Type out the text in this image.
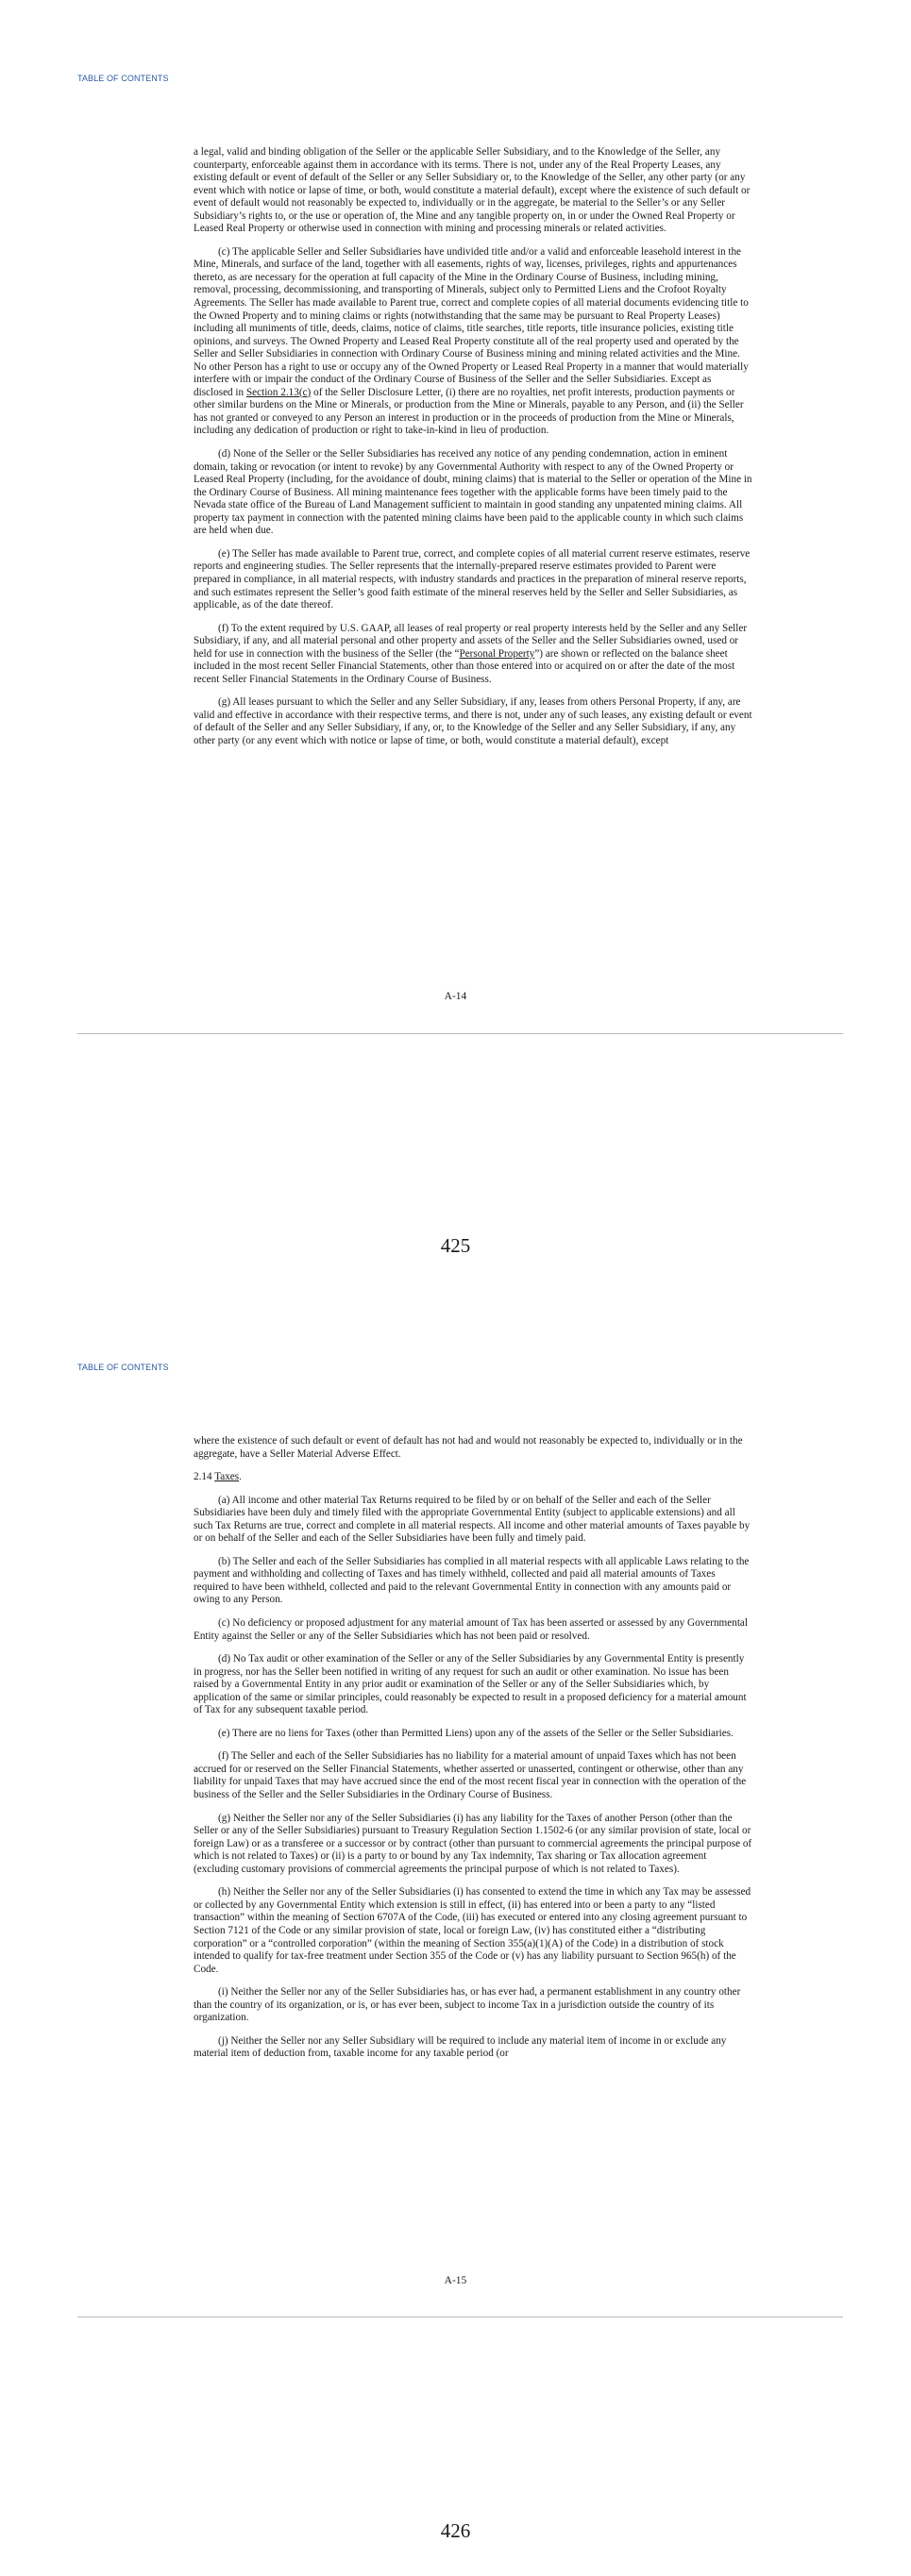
TABLE OF CONTENTS

a legal, valid and binding obligation of the Seller or the applicable Seller Subsidiary, and to the Knowledge of the Seller, any counterparty, enforceable against them in accordance with its terms. There is not, under any of the Real Property Leases, any existing default or event of default of the Seller or any Seller Subsidiary or, to the Knowledge of the Seller, any other party (or any event which with notice or lapse of time, or both, would constitute a material default), except where the existence of such default or event of default would not reasonably be expected to, individually or in the aggregate, be material to the Seller’s or any Seller Subsidiary’s rights to, or the use or operation of, the Mine and any tangible property on, in or under the Owned Real Property or Leased Real Property or otherwise used in connection with mining and processing minerals or related activities.

(c) The applicable Seller and Seller Subsidiaries have undivided title and/or a valid and enforceable leasehold interest in the Mine, Minerals, and surface of the land, together with all easements, rights of way, licenses, privileges, rights and appurtenances thereto, as are necessary for the operation at full capacity of the Mine in the Ordinary Course of Business, including mining, removal, processing, decommissioning, and transporting of Minerals, subject only to Permitted Liens and the Crofoot Royalty Agreements. The Seller has made available to Parent true, correct and complete copies of all material documents evidencing title to the Owned Property and to mining claims or rights (notwithstanding that the same may be pursuant to Real Property Leases) including all muniments of title, deeds, claims, notice of claims, title searches, title reports, title insurance policies, existing title opinions, and surveys. The Owned Property and Leased Real Property constitute all of the real property used and operated by the Seller and Seller Subsidiaries in connection with Ordinary Course of Business mining and mining related activities and the Mine. No other Person has a right to use or occupy any of the Owned Property or Leased Real Property in a manner that would materially interfere with or impair the conduct of the Ordinary Course of Business of the Seller and the Seller Subsidiaries. Except as disclosed in Section 2.13(c) of the Seller Disclosure Letter, (i) there are no royalties, net profit interests, production payments or other similar burdens on the Mine or Minerals, or production from the Mine or Minerals, payable to any Person, and (ii) the Seller has not granted or conveyed to any Person an interest in production or in the proceeds of production from the Mine or Minerals, including any dedication of production or right to take-in-kind in lieu of production.

(d) None of the Seller or the Seller Subsidiaries has received any notice of any pending condemnation, action in eminent domain, taking or revocation (or intent to revoke) by any Governmental Authority with respect to any of the Owned Property or Leased Real Property (including, for the avoidance of doubt, mining claims) that is material to the Seller or operation of the Mine in the Ordinary Course of Business. All mining maintenance fees together with the applicable forms have been timely paid to the Nevada state office of the Bureau of Land Management sufficient to maintain in good standing any unpatented mining claims. All property tax payment in connection with the patented mining claims have been paid to the applicable county in which such claims are held when due.

(e) The Seller has made available to Parent true, correct, and complete copies of all material current reserve estimates, reserve reports and engineering studies. The Seller represents that the internally-prepared reserve estimates provided to Parent were prepared in compliance, in all material respects, with industry standards and practices in the preparation of mineral reserve reports, and such estimates represent the Seller’s good faith estimate of the mineral reserves held by the Seller and Seller Subsidiaries, as applicable, as of the date thereof.

(f) To the extent required by U.S. GAAP, all leases of real property or real property interests held by the Seller and any Seller Subsidiary, if any, and all material personal and other property and assets of the Seller and the Seller Subsidiaries owned, used or held for use in connection with the business of the Seller (the “Personal Property”) are shown or reflected on the balance sheet included in the most recent Seller Financial Statements, other than those entered into or acquired on or after the date of the most recent Seller Financial Statements in the Ordinary Course of Business.

(g) All leases pursuant to which the Seller and any Seller Subsidiary, if any, leases from others Personal Property, if any, are valid and effective in accordance with their respective terms, and there is not, under any of such leases, any existing default or event of default of the Seller and any Seller Subsidiary, if any, or, to the Knowledge of the Seller and any Seller Subsidiary, if any, any other party (or any event which with notice or lapse of time, or both, would constitute a material default), except

A-14
425
TABLE OF CONTENTS

where the existence of such default or event of default has not had and would not reasonably be expected to, individually or in the aggregate, have a Seller Material Adverse Effect.

2.14 Taxes.

(a) All income and other material Tax Returns required to be filed by or on behalf of the Seller and each of the Seller Subsidiaries have been duly and timely filed with the appropriate Governmental Entity (subject to applicable extensions) and all such Tax Returns are true, correct and complete in all material respects. All income and other material amounts of Taxes payable by or on behalf of the Seller and each of the Seller Subsidiaries have been fully and timely paid.

(b) The Seller and each of the Seller Subsidiaries has complied in all material respects with all applicable Laws relating to the payment and withholding and collecting of Taxes and has timely withheld, collected and paid all material amounts of Taxes required to have been withheld, collected and paid to the relevant Governmental Entity in connection with any amounts paid or owing to any Person.

(c) No deficiency or proposed adjustment for any material amount of Tax has been asserted or assessed by any Governmental Entity against the Seller or any of the Seller Subsidiaries which has not been paid or resolved.

(d) No Tax audit or other examination of the Seller or any of the Seller Subsidiaries by any Governmental Entity is presently in progress, nor has the Seller been notified in writing of any request for such an audit or other examination. No issue has been raised by a Governmental Entity in any prior audit or examination of the Seller or any of the Seller Subsidiaries which, by application of the same or similar principles, could reasonably be expected to result in a proposed deficiency for a material amount of Tax for any subsequent taxable period.

(e) There are no liens for Taxes (other than Permitted Liens) upon any of the assets of the Seller or the Seller Subsidiaries.

(f) The Seller and each of the Seller Subsidiaries has no liability for a material amount of unpaid Taxes which has not been accrued for or reserved on the Seller Financial Statements, whether asserted or unasserted, contingent or otherwise, other than any liability for unpaid Taxes that may have accrued since the end of the most recent fiscal year in connection with the operation of the business of the Seller and the Seller Subsidiaries in the Ordinary Course of Business.

(g) Neither the Seller nor any of the Seller Subsidiaries (i) has any liability for the Taxes of another Person (other than the Seller or any of the Seller Subsidiaries) pursuant to Treasury Regulation Section 1.1502-6 (or any similar provision of state, local or foreign Law) or as a transferee or a successor or by contract (other than pursuant to commercial agreements the principal purpose of which is not related to Taxes) or (ii) is a party to or bound by any Tax indemnity, Tax sharing or Tax allocation agreement (excluding customary provisions of commercial agreements the principal purpose of which is not related to Taxes).

(h) Neither the Seller nor any of the Seller Subsidiaries (i) has consented to extend the time in which any Tax may be assessed or collected by any Governmental Entity which extension is still in effect, (ii) has entered into or been a party to any “listed transaction” within the meaning of Section 6707A of the Code, (iii) has executed or entered into any closing agreement pursuant to Section 7121 of the Code or any similar provision of state, local or foreign Law, (iv) has constituted either a “distributing corporation” or a “controlled corporation” (within the meaning of Section 355(a)(1)(A) of the Code) in a distribution of stock intended to qualify for tax-free treatment under Section 355 of the Code or (v) has any liability pursuant to Section 965(h) of the Code.

(i) Neither the Seller nor any of the Seller Subsidiaries has, or has ever had, a permanent establishment in any country other than the country of its organization, or is, or has ever been, subject to income Tax in a jurisdiction outside the country of its organization.

(j) Neither the Seller nor any Seller Subsidiary will be required to include any material item of income in or exclude any material item of deduction from, taxable income for any taxable period (or

A-15
426
